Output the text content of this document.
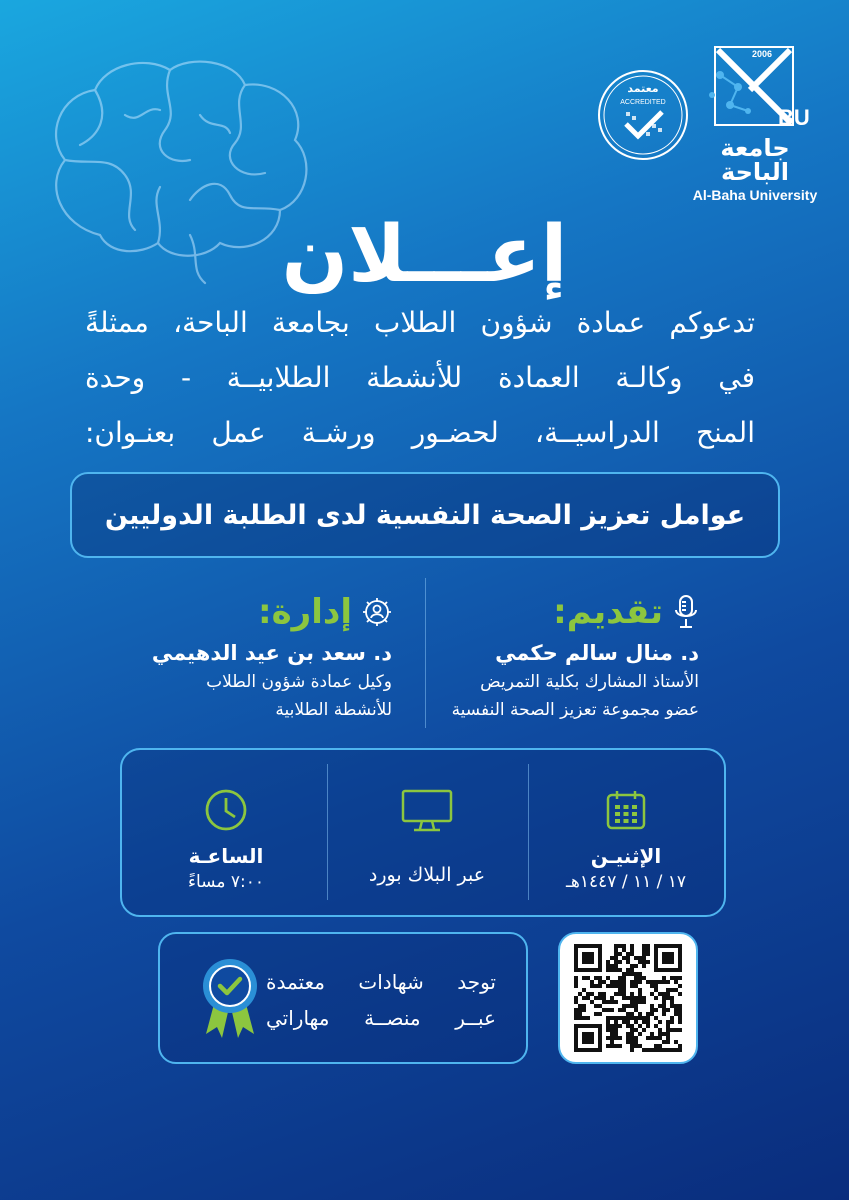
2006
BU
جامعة الباحة
Al-Baha University
معتمد
ACCREDITED
إعـــلان
تدعوكم عمادة شؤون الطلاب بجامعة الباحة، ممثلةً
في وكالـة العمادة للأنشطة الطلابيــة - وحدة
المنح الدراسيــة، لحضـور ورشـة عمل بعنـوان:
عوامل تعزيز الصحة النفسية لدى الطلبة الدوليين
تقديم:
د. منال سالم حكمي
الأستاذ المشارك بكلية التمريض
عضو مجموعة تعزيز الصحة النفسية
إدارة:
د. سعد بن عيد الدهيمي
وكيل عمادة شؤون الطلاب
للأنشطة الطلابية
الإثنيـن
١٧ / ١١ / ١٤٤٧هـ
عبر البلاك بورد
الساعـة
٧:٠٠ مساءً
توجد شهادات معتمدة
عبــر منصــة مهاراتي
